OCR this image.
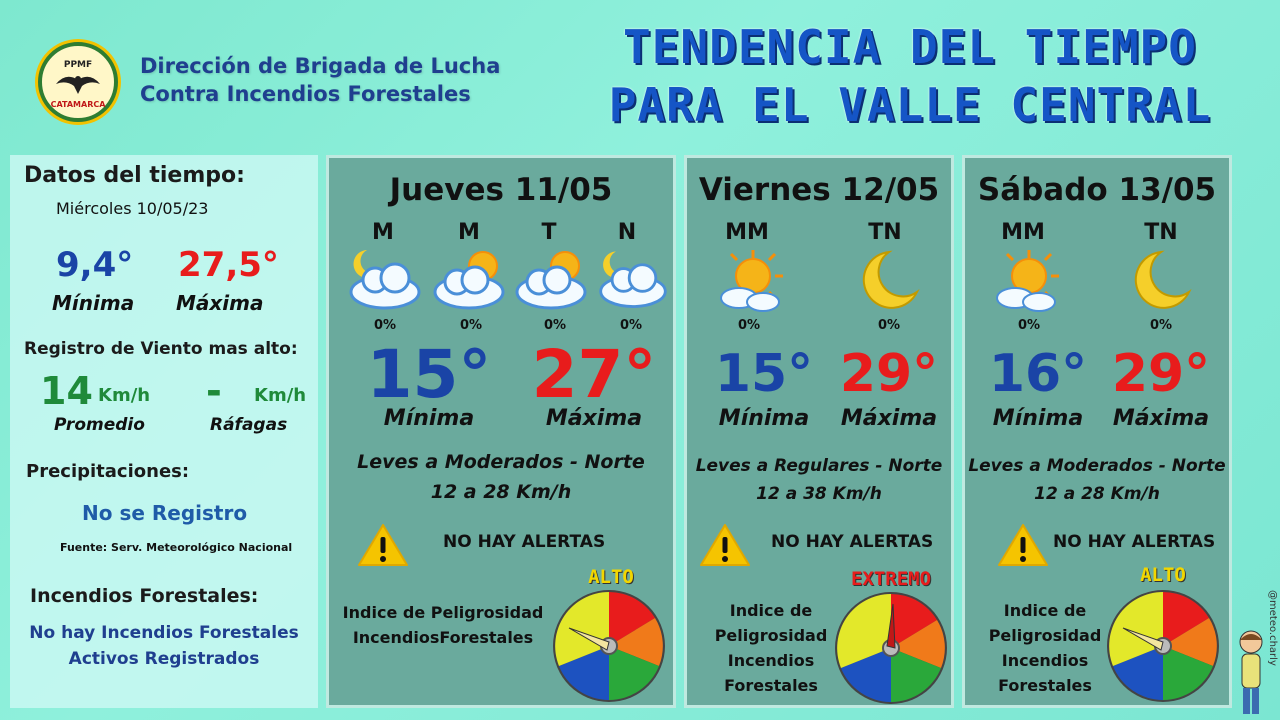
PPMF
CATAMARCA
Dirección de Brigada de Lucha
Contra Incendios Forestales
TENDENCIA DEL TIEMPO
PARA EL VALLE CENTRAL
Datos del tiempo:
Miércoles 10/05/23
9,4° 27,5°
Mínima Máxima
Registro de Viento mas alto:
14 Km/h - Km/h
Promedio	Ráfagas
Precipitaciones:
No se Registro
Fuente: Serv. Meteorológico Nacional
Incendios Forestales:
No hay Incendios Forestales
Activos Registrados
Jueves 11/05
M	M	T	N
0%	0%	0%	0%
15° 27°
Mínima	Máxima
Leves a Moderados - Norte
12 a 28 Km/h
NO HAY ALERTAS
Indice de Peligrosidad
IncendiosForestales
ALTO
Viernes 12/05
MM	TN
0%	0%
15° 29°
Mínima	Máxima
Leves a Regulares - Norte
12 a 38 Km/h
NO HAY ALERTAS
Indice de
Peligrosidad
Incendios
Forestales
EXTREMO
Sábado 13/05
MM	TN
0%	0%
16° 29°
Mínima	Máxima
Leves a Moderados - Norte
12 a 28 Km/h
NO HAY ALERTAS
Indice de
Peligrosidad
Incendios
Forestales
ALTO
@meteo.charly
